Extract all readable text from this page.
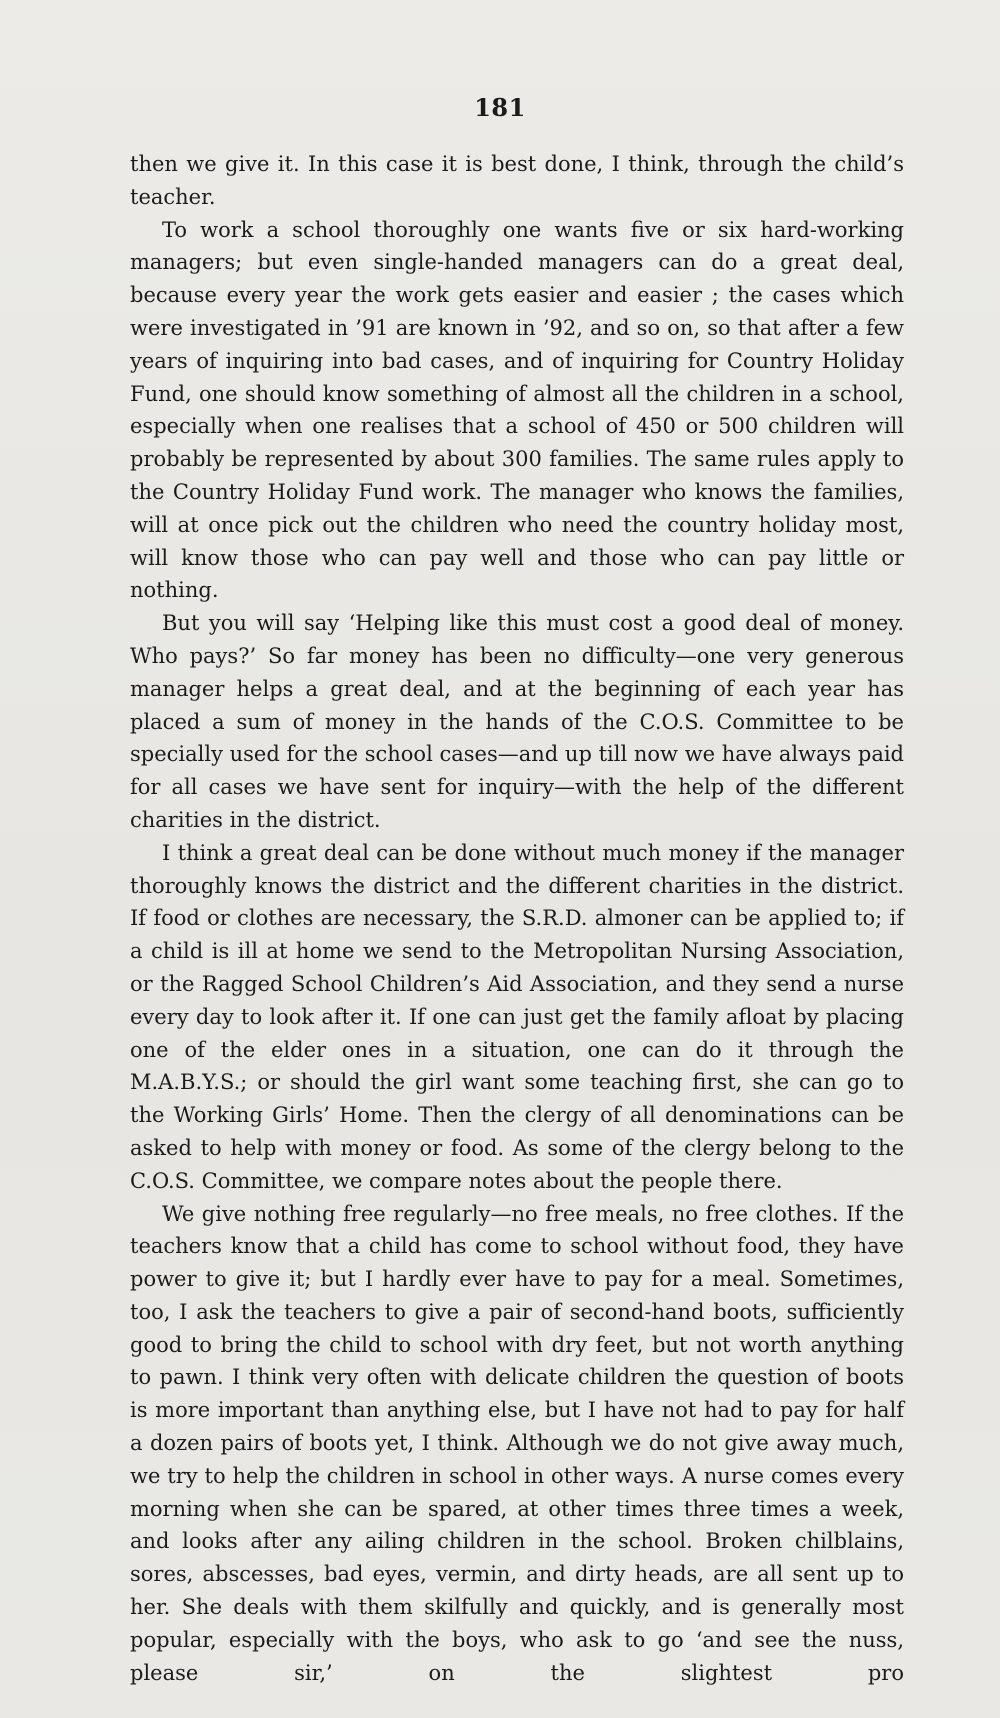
181

then we give it. In this case it is best done, I think, through the child’s teacher.

To work a school thoroughly one wants five or six hard-working managers; but even single-handed managers can do a great deal, because every year the work gets easier and easier ; the cases which were investigated in ’91 are known in ’92, and so on, so that after a few years of inquiring into bad cases, and of inquiring for Country Holiday Fund, one should know something of almost all the children in a school, especially when one realises that a school of 450 or 500 children will probably be represented by about 300 families. The same rules apply to the Country Holiday Fund work. The manager who knows the families, will at once pick out the children who need the country holiday most, will know those who can pay well and those who can pay little or nothing.

But you will say ‘Helping like this must cost a good deal of money. Who pays?’ So far money has been no difficulty—one very generous manager helps a great deal, and at the beginning of each year has placed a sum of money in the hands of the C.O.S. Committee to be specially used for the school cases—and up till now we have always paid for all cases we have sent for inquiry—with the help of the different charities in the district.

I think a great deal can be done without much money if the manager thoroughly knows the district and the different charities in the district. If food or clothes are necessary, the S.R.D. almoner can be applied to; if a child is ill at home we send to the Metropolitan Nursing Association, or the Ragged School Children’s Aid Association, and they send a nurse every day to look after it. If one can just get the family afloat by placing one of the elder ones in a situation, one can do it through the M.A.B.Y.S.; or should the girl want some teaching first, she can go to the Working Girls’ Home. Then the clergy of all denominations can be asked to help with money or food. As some of the clergy belong to the C.O.S. Committee, we compare notes about the people there.

We give nothing free regularly—no free meals, no free clothes. If the teachers know that a child has come to school without food, they have power to give it; but I hardly ever have to pay for a meal. Sometimes, too, I ask the teachers to give a pair of second-hand boots, sufficiently good to bring the child to school with dry feet, but not worth anything to pawn. I think very often with delicate children the question of boots is more important than anything else, but I have not had to pay for half a dozen pairs of boots yet, I think. Although we do not give away much, we try to help the children in school in other ways. A nurse comes every morning when she can be spared, at other times three times a week, and looks after any ailing children in the school. Broken chilblains, sores, abscesses, bad eyes, vermin, and dirty heads, are all sent up to her. She deals with them skilfully and quickly, and is generally most popular, especially with the boys, who ask to go ‘and see the nuss, please sir,’ on the slightest pro
